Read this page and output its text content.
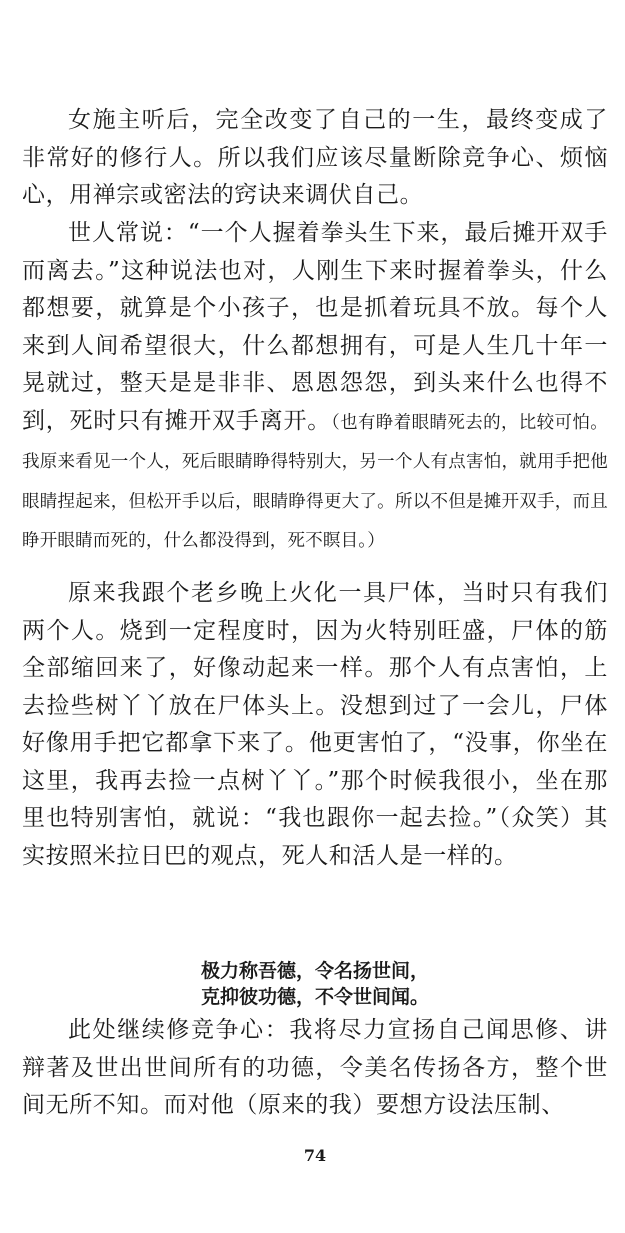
女施主听后，完全改变了自己的一生，最终变成了非常好的修行人。所以我们应该尽量断除竞争心、烦恼心，用禅宗或密法的窍诀来调伏自己。

世人常说：“一个人握着拳头生下来，最后摊开双手而离去。”这种说法也对，人刚生下来时握着拳头，什么都想要，就算是个小孩子，也是抓着玩具不放。每个人来到人间希望很大，什么都想拥有，可是人生几十年一晃就过，整天是是非非、恩恩怨怨，到头来什么也得不到，死时只有摊开双手离开。（也有睁着眼睛死去的，比较可怕。我原来看见一个人，死后眼睛睁得特别大，另一个人有点害怕，就用手把他眼睛捏起来，但松开手以后，眼睛睁得更大了。所以不但是摊开双手，而且睁开眼睛而死的，什么都没得到，死不瞑目。）

原来我跟个老乡晚上火化一具尸体，当时只有我们两个人。烧到一定程度时，因为火特别旺盛，尸体的筋全部缩回来了，好像动起来一样。那个人有点害怕，上去捡些树丫丫放在尸体头上。没想到过了一会儿，尸体好像用手把它都拿下来了。他更害怕了，“没事，你坐在这里，我再去捡一点树丫丫。”那个时候我很小，坐在那里也特别害怕，就说：“我也跟你一起去捡。”（众笑）其实按照米拉日巴的观点，死人和活人是一样的。

极力称吾德，令名扬世间，
克抑彼功德，不令世间闻。

此处继续修竞争心：我将尽力宣扬自己闻思修、讲辩著及世出世间所有的功德，令美名传扬各方，整个世间无所不知。而对他（原来的我）要想方设法压制、

74
